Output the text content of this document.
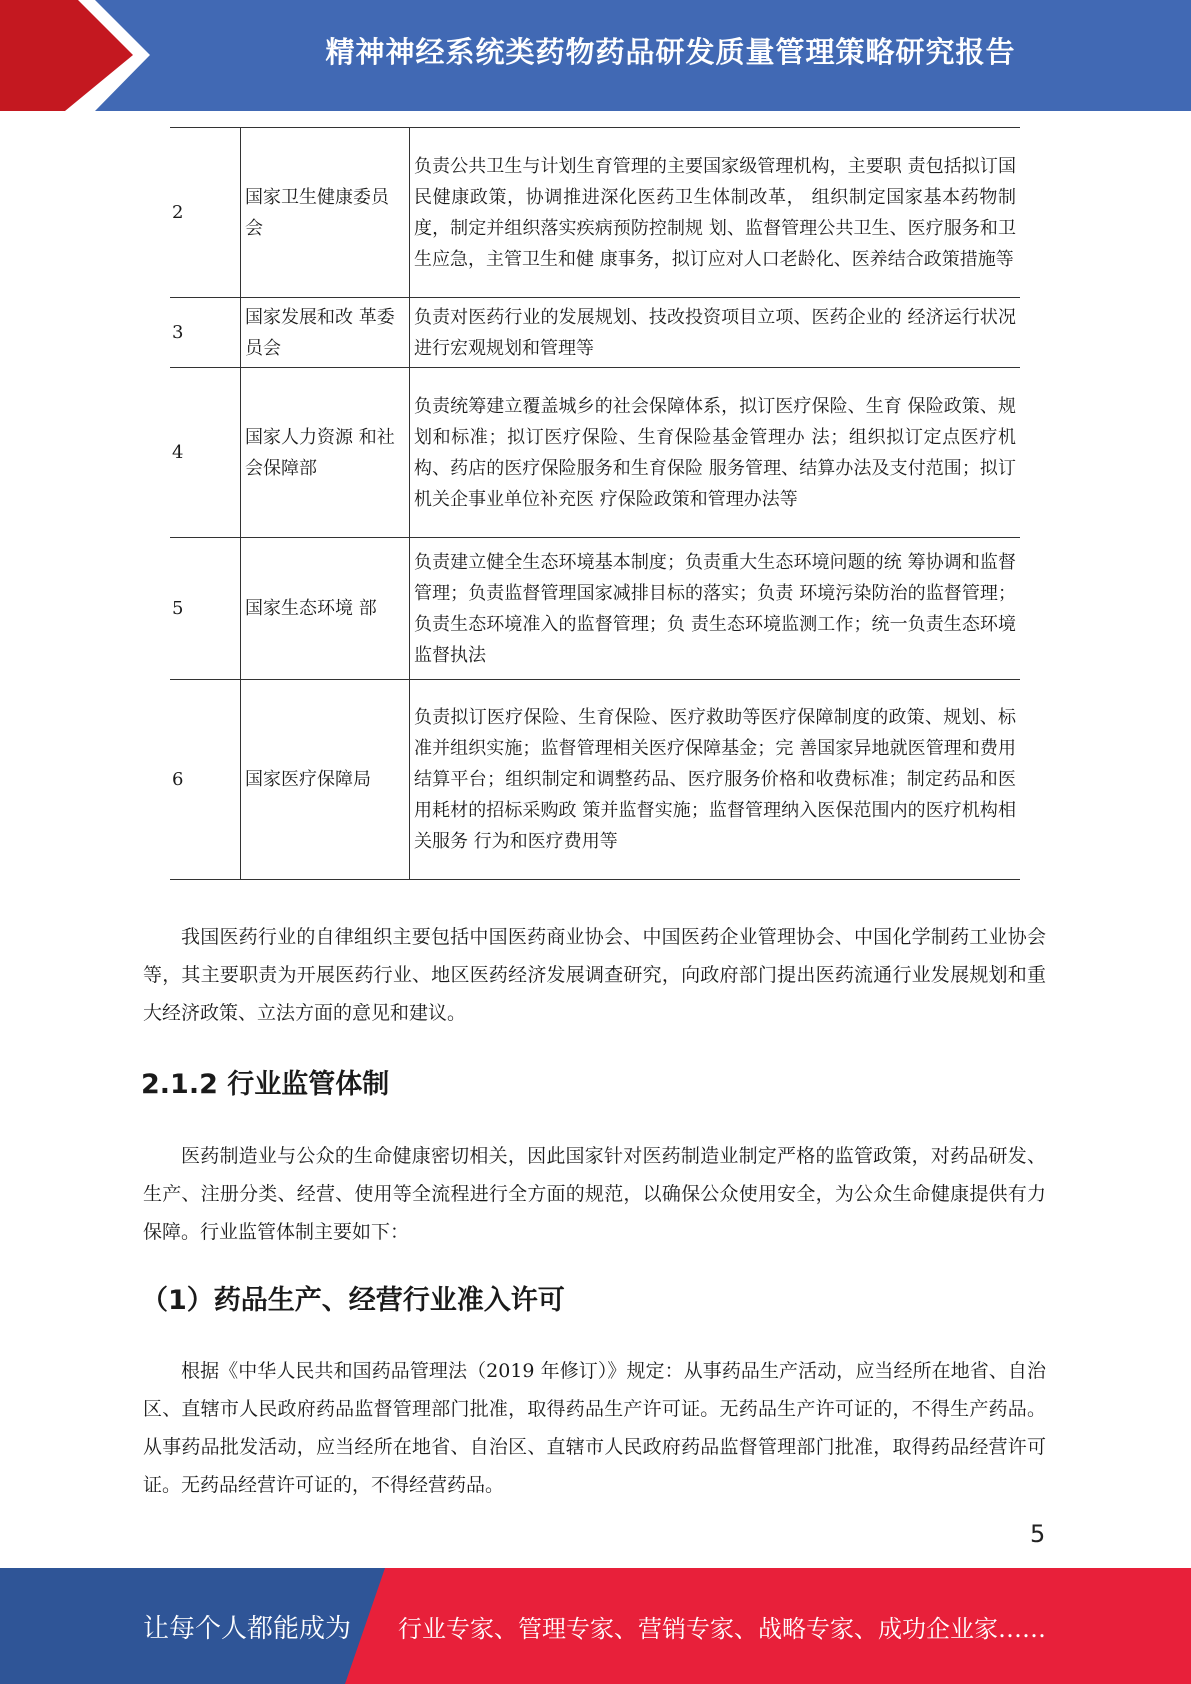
精神神经系统类药物药品研发质量管理策略研究报告
2	国家卫生健康委员会	负责公共卫生与计划生育管理的主要国家级管理机构，主要职 责包括拟订国民健康政策，协调推进深化医药卫生体制改革， 组织制定国家基本药物制度，制定并组织落实疾病预防控制规 划、监督管理公共卫生、医疗服务和卫生应急，主管卫生和健 康事务，拟订应对人口老龄化、医养结合政策措施等
3	国家发展和改 革委员会	负责对医药行业的发展规划、技改投资项目立项、医药企业的 经济运行状况进行宏观规划和管理等
4	国家人力资源 和社会保障部	负责统筹建立覆盖城乡的社会保障体系，拟订医疗保险、生育 保险政策、规划和标准；拟订医疗保险、生育保险基金管理办 法；组织拟订定点医疗机构、药店的医疗保险服务和生育保险 服务管理、结算办法及支付范围；拟订机关企事业单位补充医 疗保险政策和管理办法等
5	国家生态环境 部	负责建立健全生态环境基本制度；负责重大生态环境问题的统 筹协调和监督管理；负责监督管理国家减排目标的落实；负责 环境污染防治的监督管理；负责生态环境准入的监督管理；负 责生态环境监测工作；统一负责生态环境监督执法
6	国家医疗保障局	负责拟订医疗保险、生育保险、医疗救助等医疗保障制度的政策、规划、标准并组织实施；监督管理相关医疗保障基金；完 善国家异地就医管理和费用结算平台；组织制定和调整药品、医疗服务价格和收费标准；制定药品和医用耗材的招标采购政 策并监督实施；监督管理纳入医保范围内的医疗机构相关服务 行为和医疗费用等

我国医药行业的自律组织主要包括中国医药商业协会、中国医药企业管理协会、中国化学制药工业协会等，其主要职责为开展医药行业、地区医药经济发展调查研究，向政府部门提出医药流通行业发展规划和重大经济政策、立法方面的意见和建议。

2.1.2 行业监管体制

医药制造业与公众的生命健康密切相关，因此国家针对医药制造业制定严格的监管政策，对药品研发、生产、注册分类、经营、使用等全流程进行全方面的规范，以确保公众使用安全，为公众生命健康提供有力保障。行业监管体制主要如下：

（1）药品生产、经营行业准入许可

根据《中华人民共和国药品管理法（2019 年修订）》规定：从事药品生产活动，应当经所在地省、自治区、直辖市人民政府药品监督管理部门批准，取得药品生产许可证。无药品生产许可证的，不得生产药品。从事药品批发活动，应当经所在地省、自治区、直辖市人民政府药品监督管理部门批准，取得药品经营许可证。无药品经营许可证的，不得经营药品。

5
让每个人都能成为 行业专家、管理专家、营销专家、战略专家、成功企业家……
